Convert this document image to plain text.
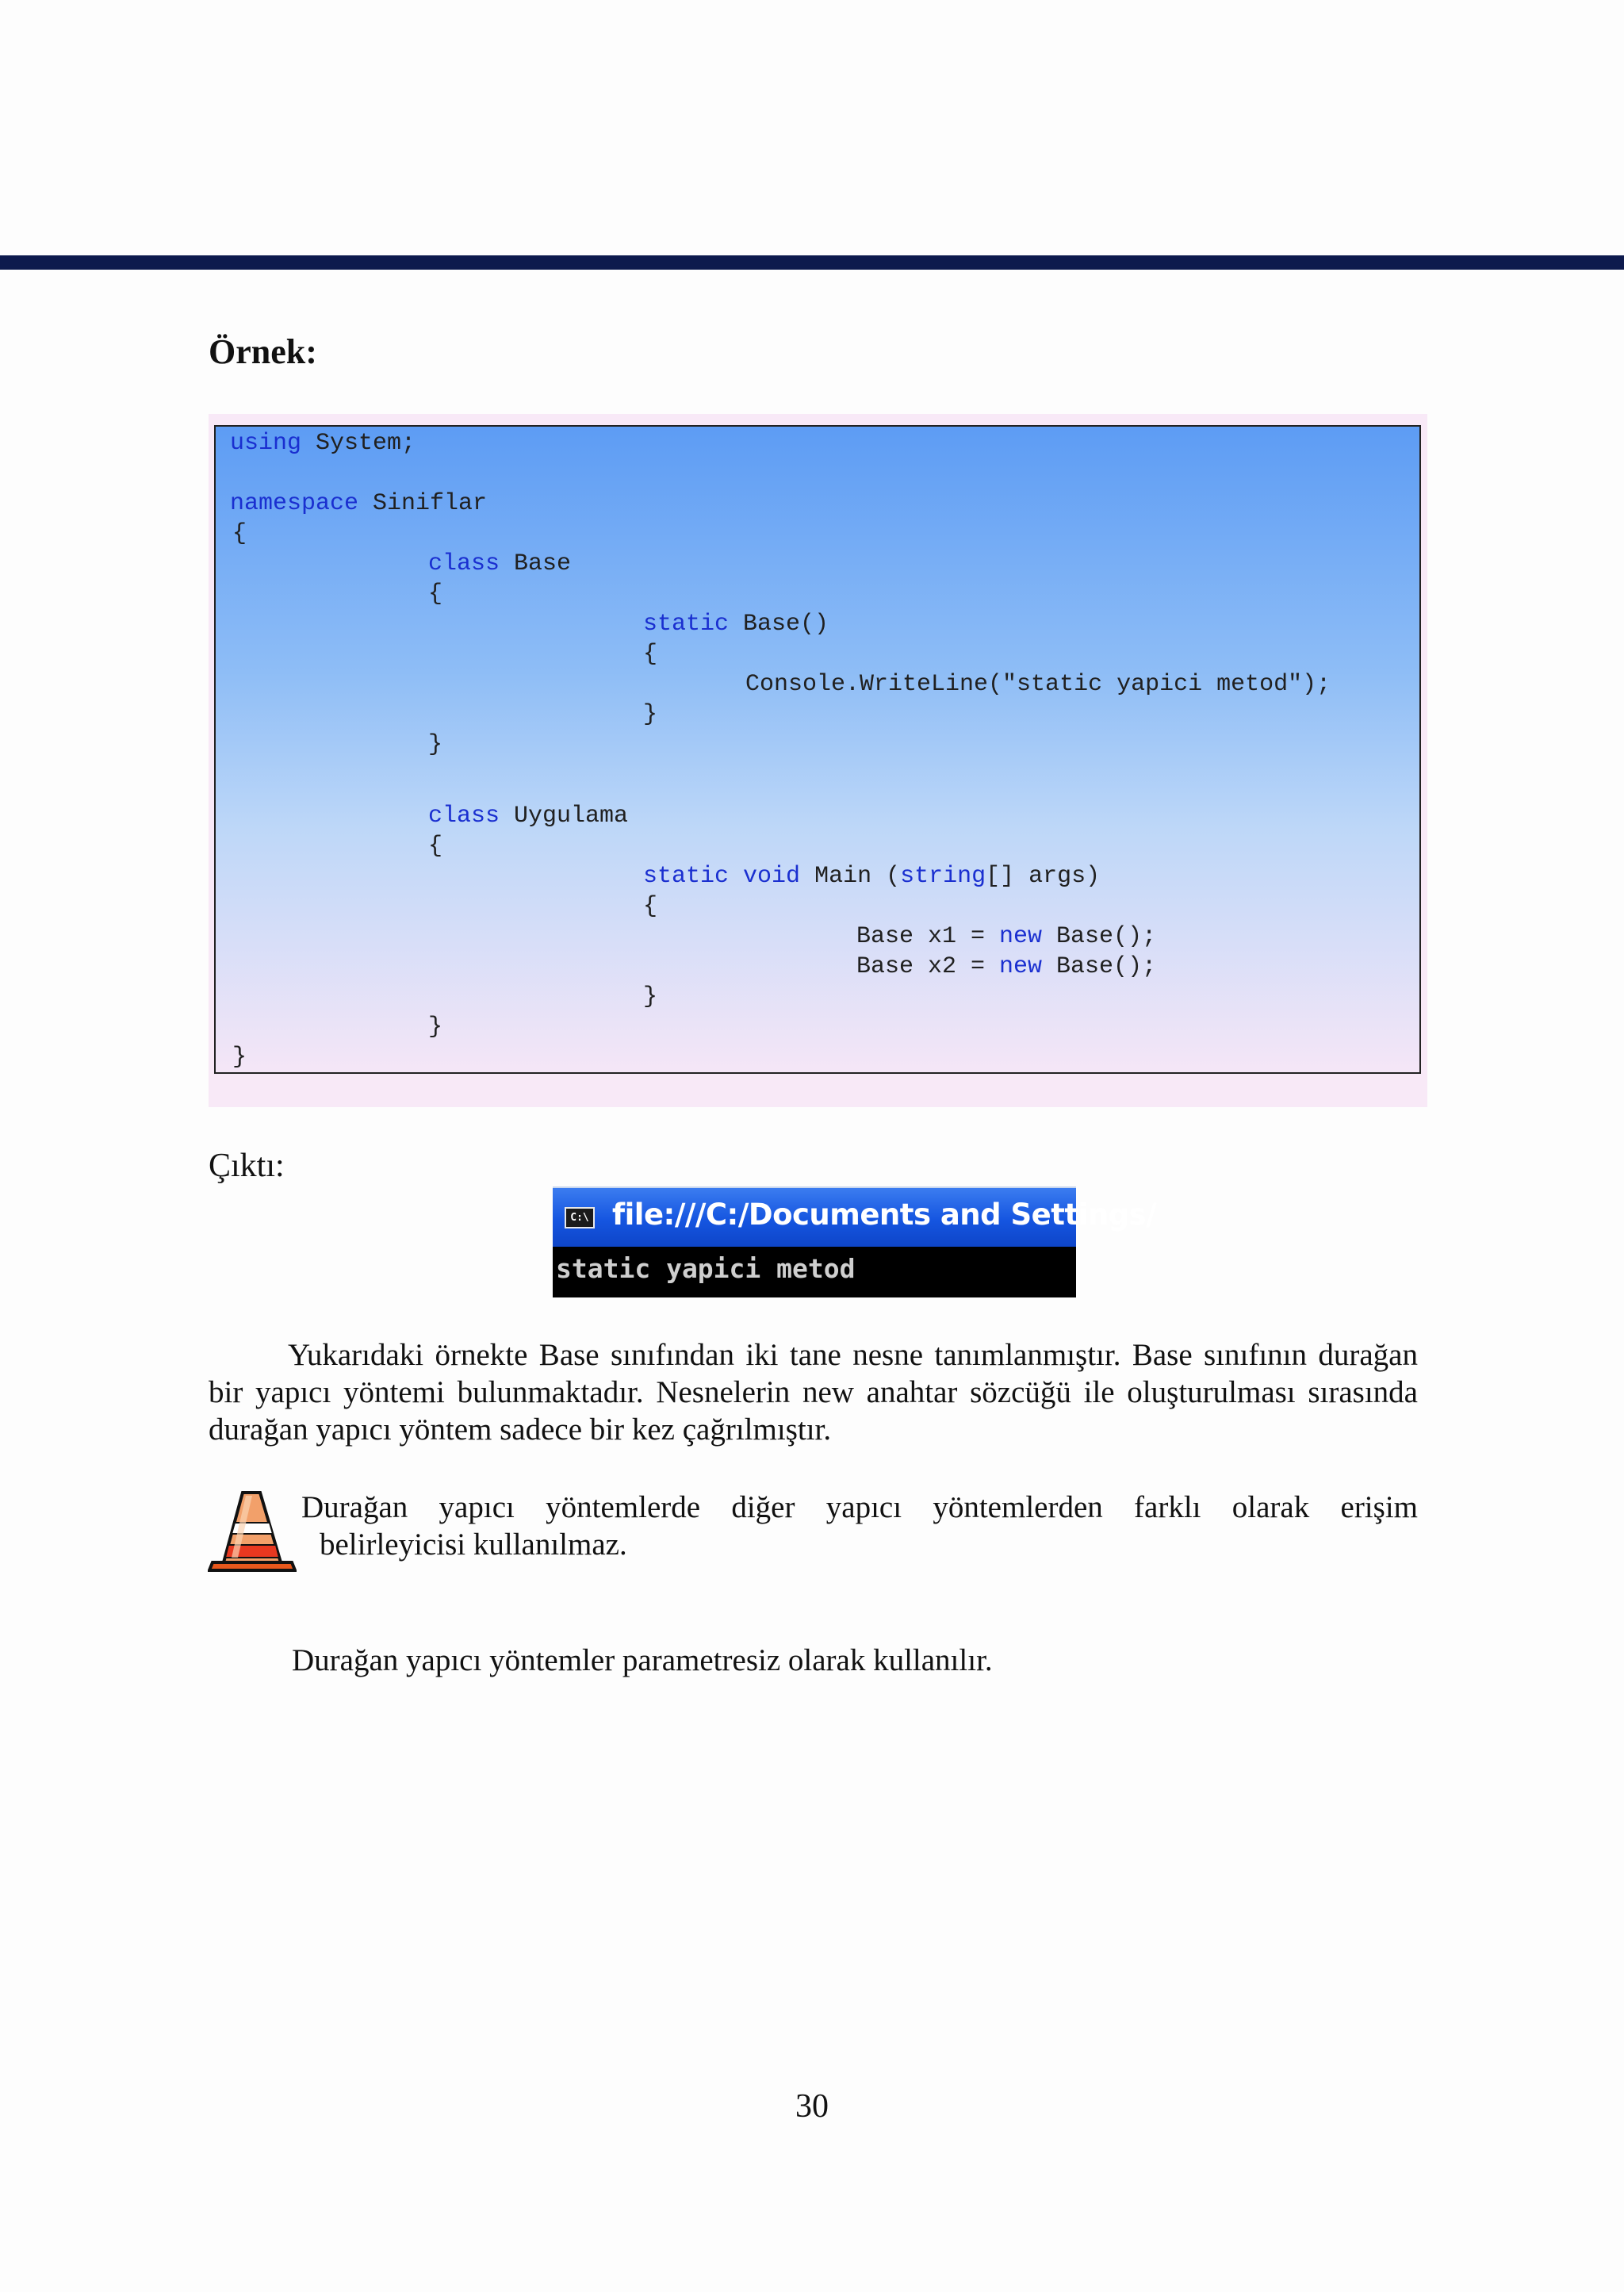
Örnek:
using System;
namespace Siniflar
{
class Base
{
static Base()
{
Console.WriteLine("static yapici metod");
}
}
class Uygulama
{
static void Main (string[] args)
{
Base x1 = new Base();
Base x2 = new Base();
}
}
}

Çıktı:

C:\ file:///C:/Documents and Settings/
static yapici metod

Yukarıdaki örnekte Base sınıfından iki tane nesne tanımlanmıştır. Base sınıfının durağan bir yapıcı yöntemi bulunmaktadır. Nesnelerin new anahtar sözcüğü ile oluşturulması sırasında durağan yapıcı yöntem sadece bir kez çağrılmıştır.

Durağan yapıcı yöntemlerde diğer yapıcı yöntemlerden farklı olarak erişim

belirleyicisi kullanılmaz.

Durağan yapıcı yöntemler parametresiz olarak kullanılır.

30
